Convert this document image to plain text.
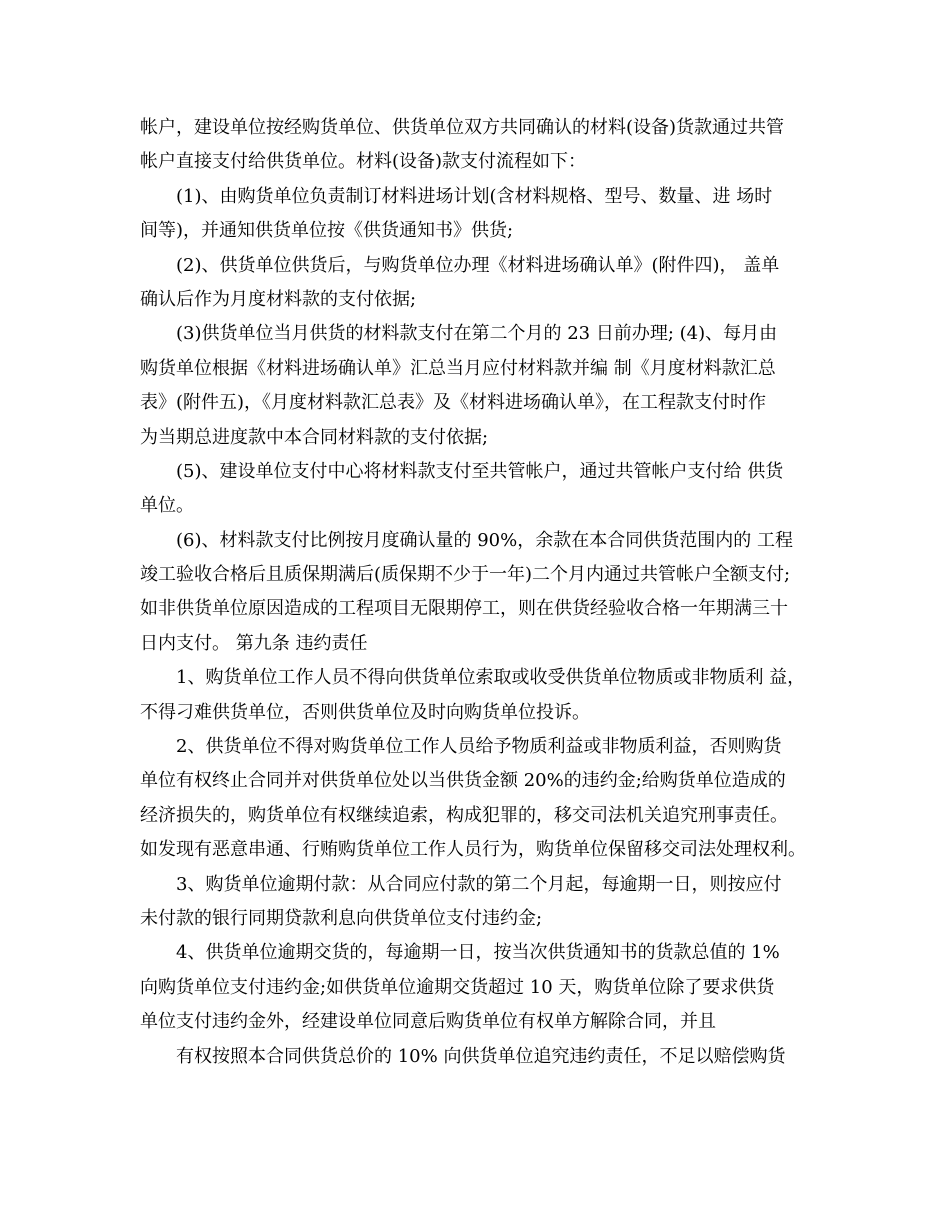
帐户，建设单位按经购货单位、供货单位双方共同确认的材料(设备)货款通过共管
帐户直接支付给供货单位。材料(设备)款支付流程如下：
(1)、由购货单位负责制订材料进场计划(含材料规格、型号、数量、进 场时
间等)，并通知供货单位按《供货通知书》供货;
(2)、供货单位供货后，与购货单位办理《材料进场确认单》(附件四)， 盖单
确认后作为月度材料款的支付依据;
(3)供货单位当月供货的材料款支付在第二个月的 23 日前办理; (4)、每月由
购货单位根据《材料进场确认单》汇总当月应付材料款并编 制《月度材料款汇总
表》(附件五)，《月度材料款汇总表》及《材料进场确认单》，在工程款支付时作
为当期总进度款中本合同材料款的支付依据;
(5)、建设单位支付中心将材料款支付至共管帐户，通过共管帐户支付给 供货
单位。
(6)、材料款支付比例按月度确认量的 90%，余款在本合同供货范围内的 工程
竣工验收合格后且质保期满后(质保期不少于一年)二个月内通过共管帐户全额支付;
如非供货单位原因造成的工程项目无限期停工，则在供货经验收合格一年期满三十
日内支付。 第九条 违约责任
1、购货单位工作人员不得向供货单位索取或收受供货单位物质或非物质利 益，
不得刁难供货单位，否则供货单位及时向购货单位投诉。
2、供货单位不得对购货单位工作人员给予物质利益或非物质利益，否则购货
单位有权终止合同并对供货单位处以当供货金额 20%的违约金;给购货单位造成的
经济损失的，购货单位有权继续追索，构成犯罪的，移交司法机关追究刑事责任。
如发现有恶意串通、行贿购货单位工作人员行为，购货单位保留移交司法处理权利。
3、购货单位逾期付款：从合同应付款的第二个月起，每逾期一日，则按应付
未付款的银行同期贷款利息向供货单位支付违约金;
4、供货单位逾期交货的，每逾期一日，按当次供货通知书的货款总值的 1%
向购货单位支付违约金;如供货单位逾期交货超过 10 天，购货单位除了要求供货
单位支付违约金外，经建设单位同意后购货单位有权单方解除合同，并且
有权按照本合同供货总价的 10% 向供货单位追究违约责任，不足以赔偿购货
